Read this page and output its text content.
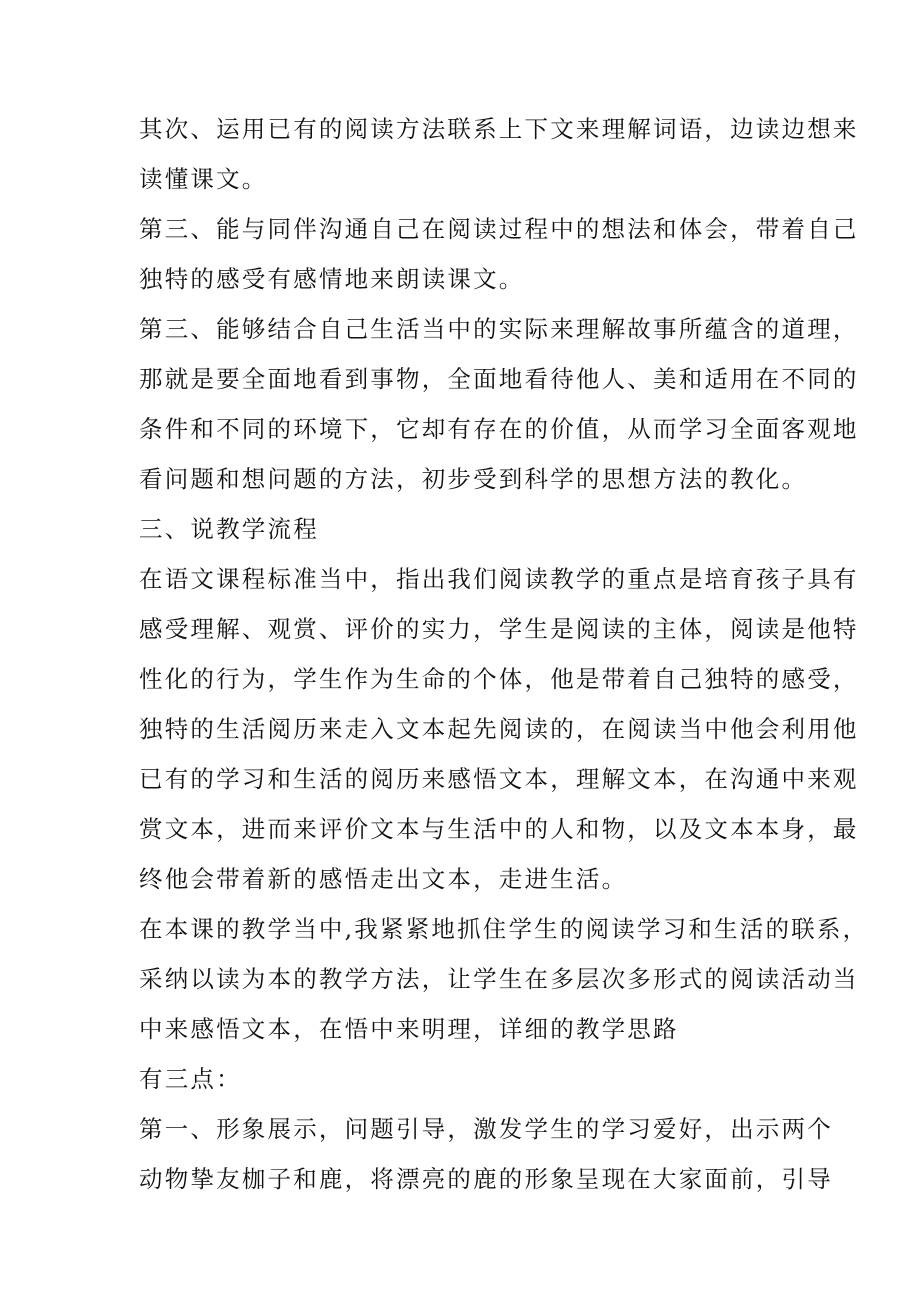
其次、运用已有的阅读方法联系上下文来理解词语，边读边想来
读懂课文。

第三、能与同伴沟通自己在阅读过程中的想法和体会，带着自己
独特的感受有感情地来朗读课文。

第三、能够结合自己生活当中的实际来理解故事所蕴含的道理，
那就是要全面地看到事物，全面地看待他人、美和适用在不同的
条件和不同的环境下，它却有存在的价值，从而学习全面客观地
看问题和想问题的方法，初步受到科学的思想方法的教化。

三、说教学流程

在语文课程标准当中，指出我们阅读教学的重点是培育孩子具有
感受理解、观赏、评价的实力，学生是阅读的主体，阅读是他特
性化的行为，学生作为生命的个体，他是带着自己独特的感受，
独特的生活阅历来走入文本起先阅读的，在阅读当中他会利用他
已有的学习和生活的阅历来感悟文本，理解文本，在沟通中来观
赏文本，进而来评价文本与生活中的人和物，以及文本本身，最
终他会带着新的感悟走出文本，走进生活。

在本课的教学当中,我紧紧地抓住学生的阅读学习和生活的联系，
采纳以读为本的教学方法，让学生在多层次多形式的阅读活动当
中来感悟文本，在悟中来明理，详细的教学思路

有三点：

第一、形象展示，问题引导，激发学生的学习爱好，出示两个
动物挚友枷子和鹿，将漂亮的鹿的形象呈现在大家面前，引导
